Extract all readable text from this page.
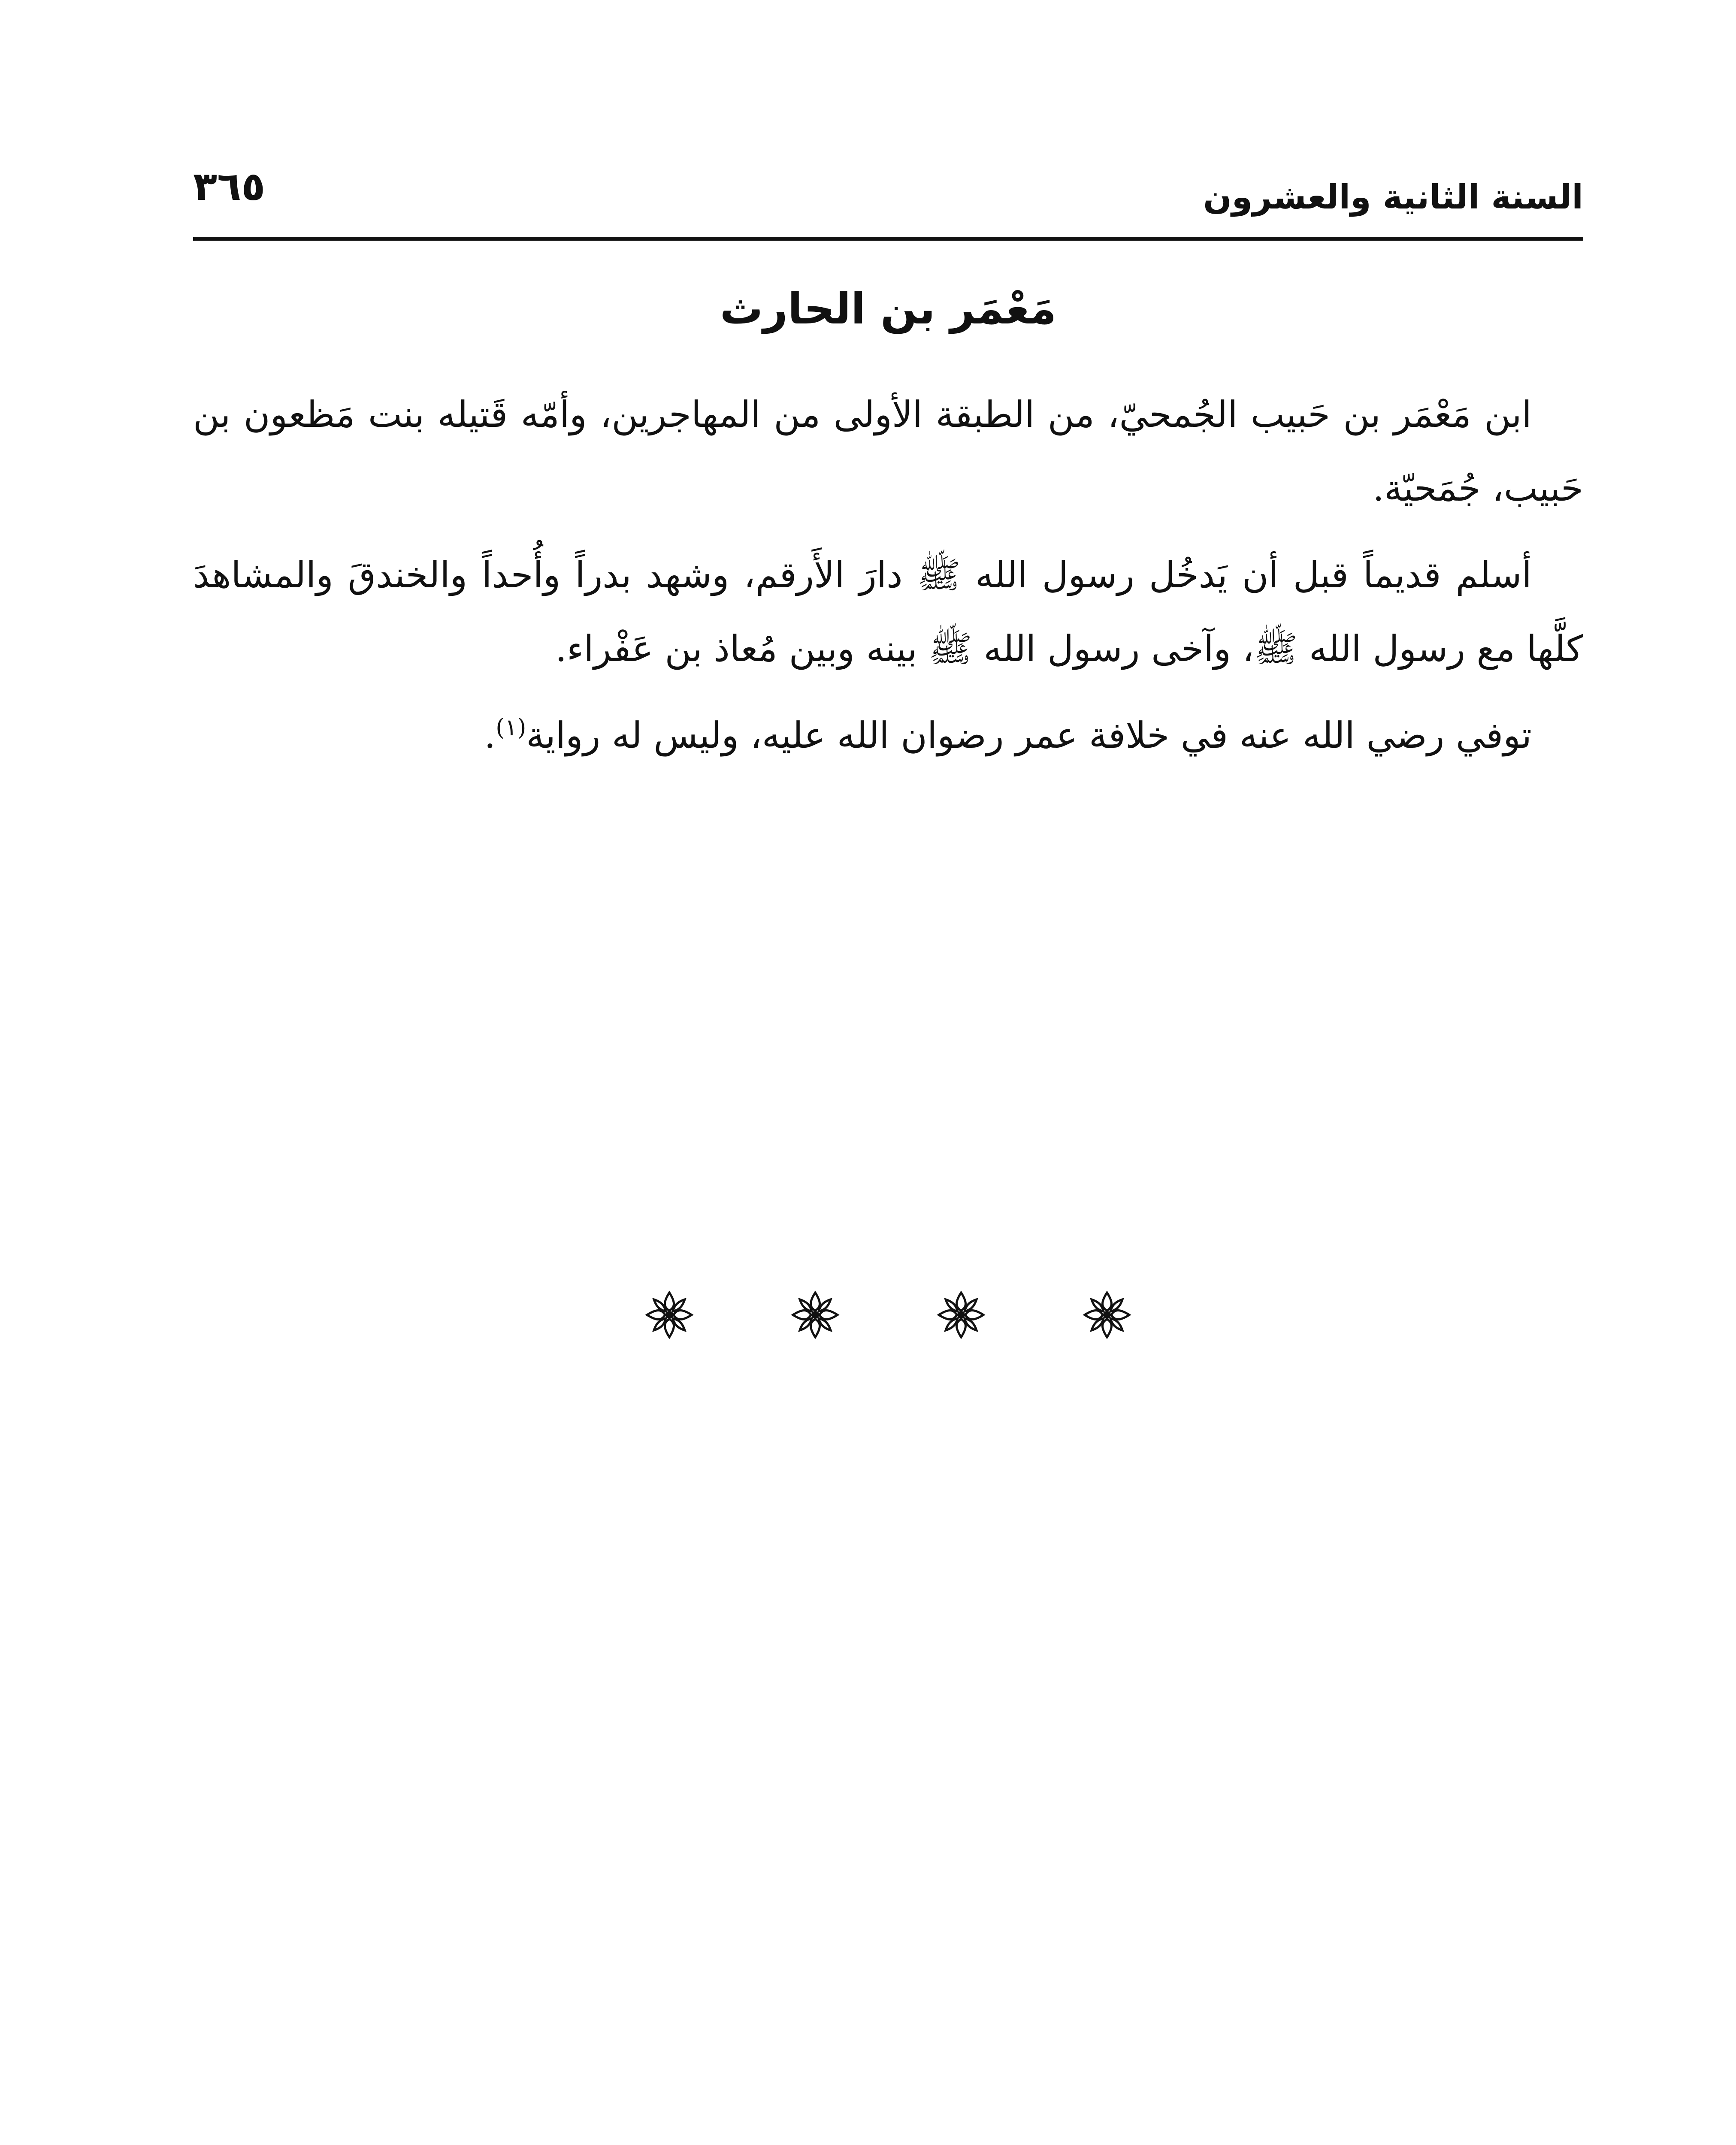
السنة الثانية والعشرون
٣٦٥
مَعْمَر بن الحارث

ابن مَعْمَر بن حَبيب الجُمحيّ، من الطبقة الأولى من المهاجرين، وأمّه قَتيله بنت مَظعون بن حَبيب، جُمَحيّة.

أسلم قديماً قبل أن يَدخُل رسول الله ﷺ دارَ الأَرقم، وشهد بدراً وأُحداً والخندقَ والمشاهدَ كلَّها مع رسول الله ﷺ، وآخى رسول الله ﷺ بينه وبين مُعاذ بن عَفْراء.

توفي رضي الله عنه في خلافة عمر رضوان الله عليه، وليس له رواية$^{(١)}$.
